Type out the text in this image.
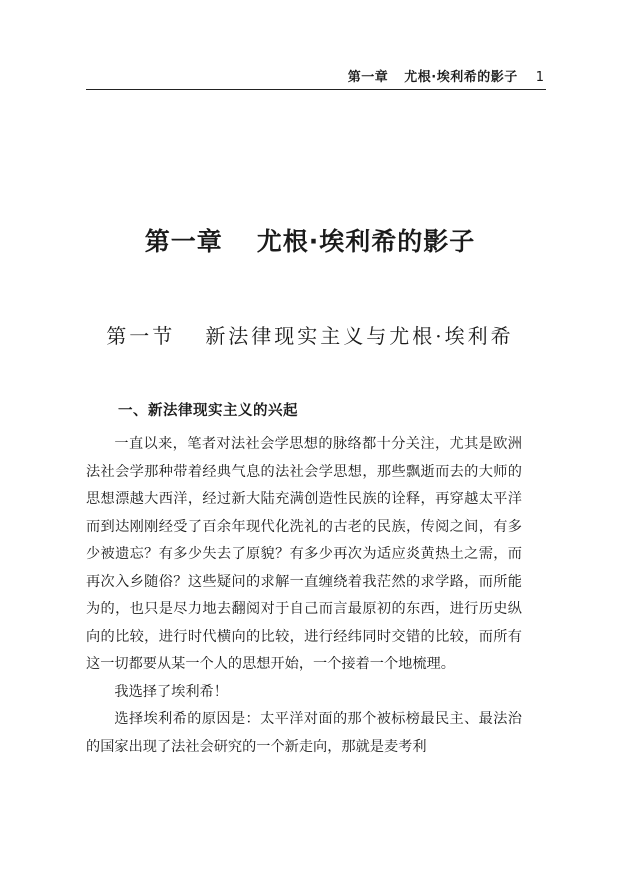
第一章 尤根·埃利希的影子 1
第一章 尤根·埃利希的影子
第一节 新法律现实主义与尤根·埃利希
一、新法律现实主义的兴起

一直以来，笔者对法社会学思想的脉络都十分关注，尤其是欧洲法社会学那种带着经典气息的法社会学思想，那些飘逝而去的大师的思想漂越大西洋，经过新大陆充满创造性民族的诠释，再穿越太平洋而到达刚刚经受了百余年现代化洗礼的古老的民族，传阅之间，有多少被遗忘？有多少失去了原貌？有多少再次为适应炎黄热土之需，而再次入乡随俗？这些疑问的求解一直缠绕着我茫然的求学路，而所能为的，也只是尽力地去翻阅对于自己而言最原初的东西，进行历史纵向的比较，进行时代横向的比较，进行经纬同时交错的比较，而所有这一切都要从某一个人的思想开始，一个接着一个地梳理。

我选择了埃利希！

选择埃利希的原因是：太平洋对面的那个被标榜最民主、最法治的国家出现了法社会研究的一个新走向，那就是麦考利
